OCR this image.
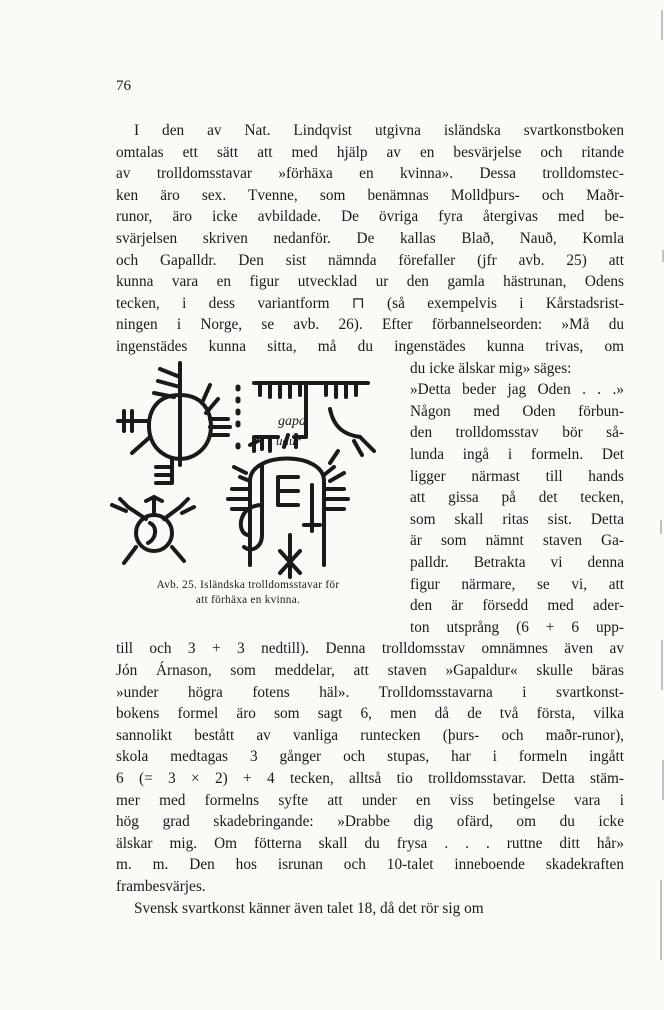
76
I den av Nat. Lindqvist utgivna isländska svartkonstboken
omtalas ett sätt att med hjälp av en besvärjelse och ritande
av trolldomsstavar »förhäxa en kvinna». Dessa trolldomstec-
ken äro sex. Tvenne, som benämnas Molldþurs- och Maðr-
runor, äro icke avbildade. De övriga fyra återgivas med be-
svärjelsen skriven nedanför. De kallas Blað, Nauð, Komla
och Gapalldr. Den sist nämnda förefaller (jfr avb. 25) att
kunna vara en figur utvecklad ur den gamla hästrunan, Odens
tecken, i dess variantform ⊓ (så exempelvis i Kårstadsrist-
ningen i Norge, se avb. 26). Efter förbannelseorden: »Må du
ingenstädes kunna sitta, må du ingenstädes kunna trivas, om
du icke älskar mig» säges:
»Detta beder jag Oden . . .»
Någon med Oden förbun-
den trolldomsstav bör så-
lunda ingå i formeln. Det
ligger närmast till hands
att gissa på det tecken,
som skall ritas sist. Detta
är som nämnt staven Ga-
palldr. Betrakta vi denna
figur närmare, se vi, att
den är försedd med ader-
ton utsprång (6 + 6 upp-
till och 3 + 3 nedtill). Denna trolldomsstav omnämnes även av
Jón Árnason, som meddelar, att staven »Gapaldur« skulle bäras
»under högra fotens häl». Trolldomsstavarna i svartkonst-
bokens formel äro som sagt 6, men då de två första, vilka
sannolikt bestått av vanliga runtecken (þurs- och maðr-runor),
skola medtagas 3 gånger och stupas, har i formeln ingått
6 (= 3 × 2) + 4 tecken, alltså tio trolldomsstavar. Detta stäm-
mer med formelns syfte att under en viss betingelse vara i
hög grad skadebringande: »Drabbe dig ofärd, om du icke
älskar mig. Om fötterna skall du frysa . . . ruttne ditt hår»
m. m. Den hos isrunan och 10-talet inneboende skadekraften
frambesvärjes.
Svensk svartkonst känner även talet 18, då det rör sig om
gapa
udur
Avb. 25. Isländska trolldomsstavar för
att förhäxa en kvinna.
